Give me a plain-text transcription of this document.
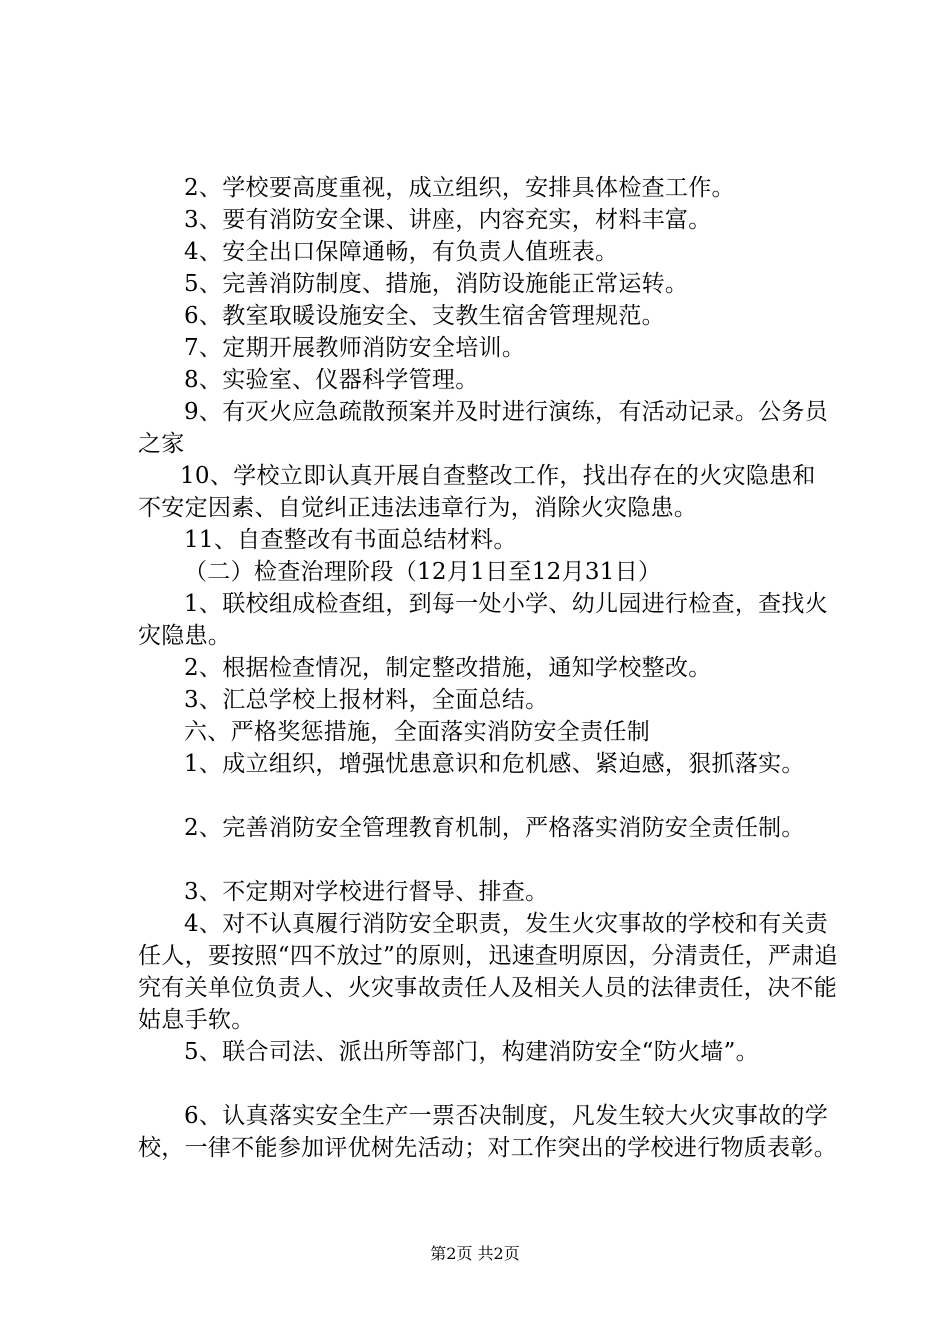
2、学校要高度重视，成立组织，安排具体检查工作。

3、要有消防安全课、讲座，内容充实，材料丰富。

4、安全出口保障通畅，有负责人值班表。

5、完善消防制度、措施，消防设施能正常运转。

6、教室取暖设施安全、支教生宿舍管理规范。

7、定期开展教师消防安全培训。

8、实验室、仪器科学管理。

9、有灭火应急疏散预案并及时进行演练，有活动记录。公务员之家

10、学校立即认真开展自查整改工作，找出存在的火灾隐患和不安定因素、自觉纠正违法违章行为，消除火灾隐患。

11、自查整改有书面总结材料。

（二）检查治理阶段（12月1日至12月31日）

1、联校组成检查组，到每一处小学、幼儿园进行检查，查找火灾隐患。

2、根据检查情况，制定整改措施，通知学校整改。

3、汇总学校上报材料，全面总结。

六、严格奖惩措施，全面落实消防安全责任制

1、成立组织，增强忧患意识和危机感、紧迫感，狠抓落实。

2、完善消防安全管理教育机制，严格落实消防安全责任制。

3、不定期对学校进行督导、排查。

4、对不认真履行消防安全职责，发生火灾事故的学校和有关责任人，要按照“四不放过”的原则，迅速查明原因，分清责任，严肃追究有关单位负责人、火灾事故责任人及相关人员的法律责任，决不能姑息手软。

5、联合司法、派出所等部门，构建消防安全“防火墙”。

6、认真落实安全生产一票否决制度，凡发生较大火灾事故的学校，一律不能参加评优树先活动；对工作突出的学校进行物质表彰。

第2页 共2页
